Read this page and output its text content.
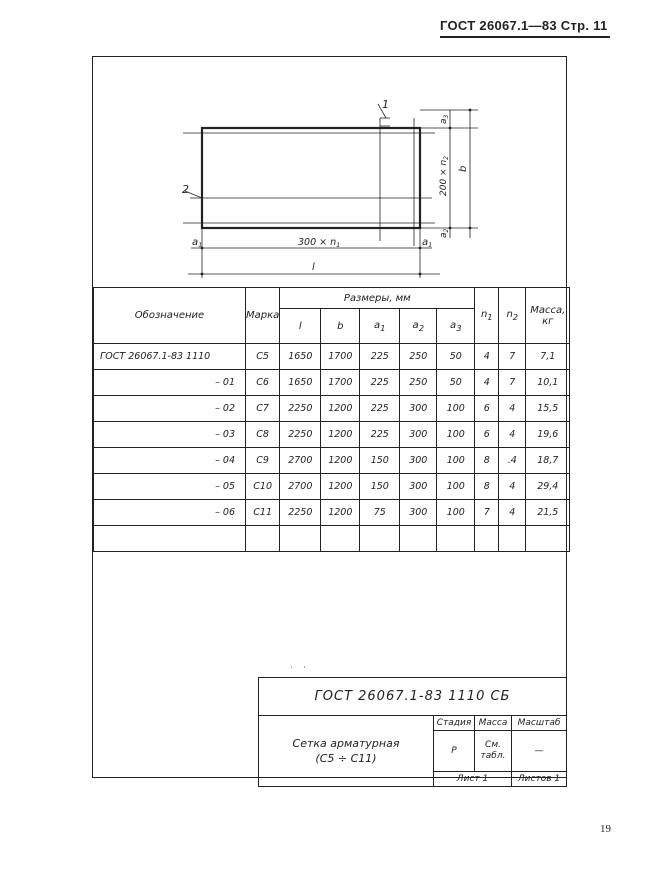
ГОСТ 26067.1—83 Стр. 11
1
2
$300 \times n_1$
$a_1$	$a_1$
l
$a_3$
$200 \times n_2$
$a_2$
b
Обозначение	Марка	Размеры, мм					$n_1$	$n_2$	Масса,
кг
		l	b	$a_1$	$a_2$	$a_3$
ГОСТ 26067.1-83 1110	С5	1650	1700	225	250	50	4	7	7,1
– 01	С6	1650	1700	225	250	50	4	7	10,1
– 02	С7	2250	1200	225	300	100	6	4	15,5
– 03	С8	2250	1200	225	300	100	6	4	19,6
– 04	С9	2700	1200	150	300	100	8	.4	18,7
– 05	С10	2700	1200	150	300	100	8	4	29,4
– 06	С11	2250	1200	75	300	100	7	4	21,5

· ·
ГОСТ 26067.1-83 1110 СБ			
Сетка арматурная
(С5 ÷ С11)	Стадия	Масса	Масштаб
	Р	См.
табл.	—
	Лист 1		Листов 1
19
